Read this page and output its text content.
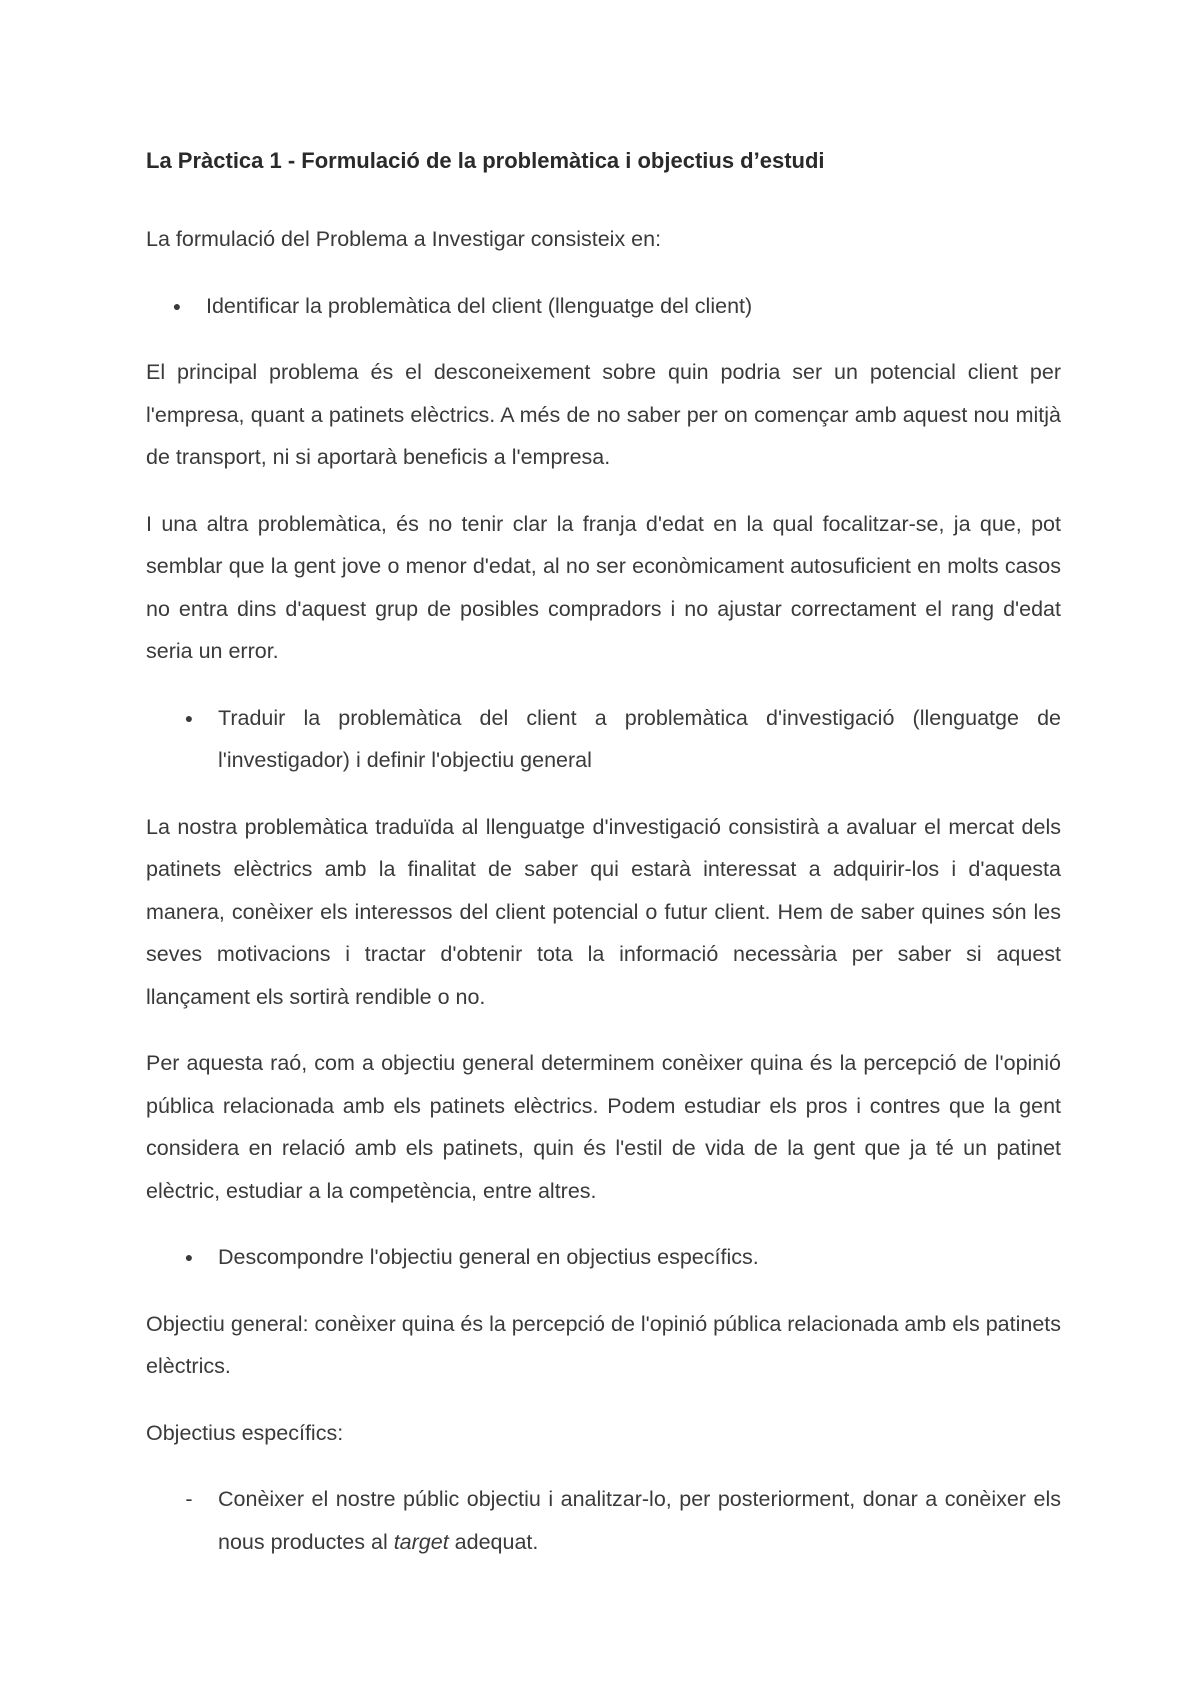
La Pràctica 1 - Formulació de la problemàtica i objectius d’estudi

La formulació del Problema a Investigar consisteix en:

● Identificar la problemàtica del client (llenguatge del client)

El principal problema és el desconeixement sobre quin podria ser un potencial client per l'empresa, quant a patinets elèctrics. A més de no saber per on començar amb aquest nou mitjà de transport, ni si aportarà beneficis a l'empresa.

I una altra problemàtica, és no tenir clar la franja d'edat en la qual focalitzar-se, ja que, pot semblar que la gent jove o menor d'edat, al no ser econòmicament autosuficient en molts casos no entra dins d'aquest grup de posibles compradors i no ajustar correctament el rang d'edat seria un error.

● Traduir la problemàtica del client a problemàtica d'investigació (llenguatge de l'investigador) i definir l'objectiu general

La nostra problemàtica traduïda al llenguatge d'investigació consistirà a avaluar el mercat dels patinets elèctrics amb la finalitat de saber qui estarà interessat a adquirir-los i d'aquesta manera, conèixer els interessos del client potencial o futur client. Hem de saber quines són les seves motivacions i tractar d'obtenir tota la informació necessària per saber si aquest llançament els sortirà rendible o no.

Per aquesta raó, com a objectiu general determinem conèixer quina és la percepció de l'opinió pública relacionada amb els patinets elèctrics. Podem estudiar els pros i contres que la gent considera en relació amb els patinets, quin és l'estil de vida de la gent que ja té un patinet elèctric, estudiar a la competència, entre altres.

● Descompondre l'objectiu general en objectius específics.

Objectiu general: conèixer quina és la percepció de l'opinió pública relacionada amb els patinets elèctrics.

Objectius específics:

- Conèixer el nostre públic objectiu i analitzar-lo, per posteriorment, donar a conèixer els nous productes al target adequat.
